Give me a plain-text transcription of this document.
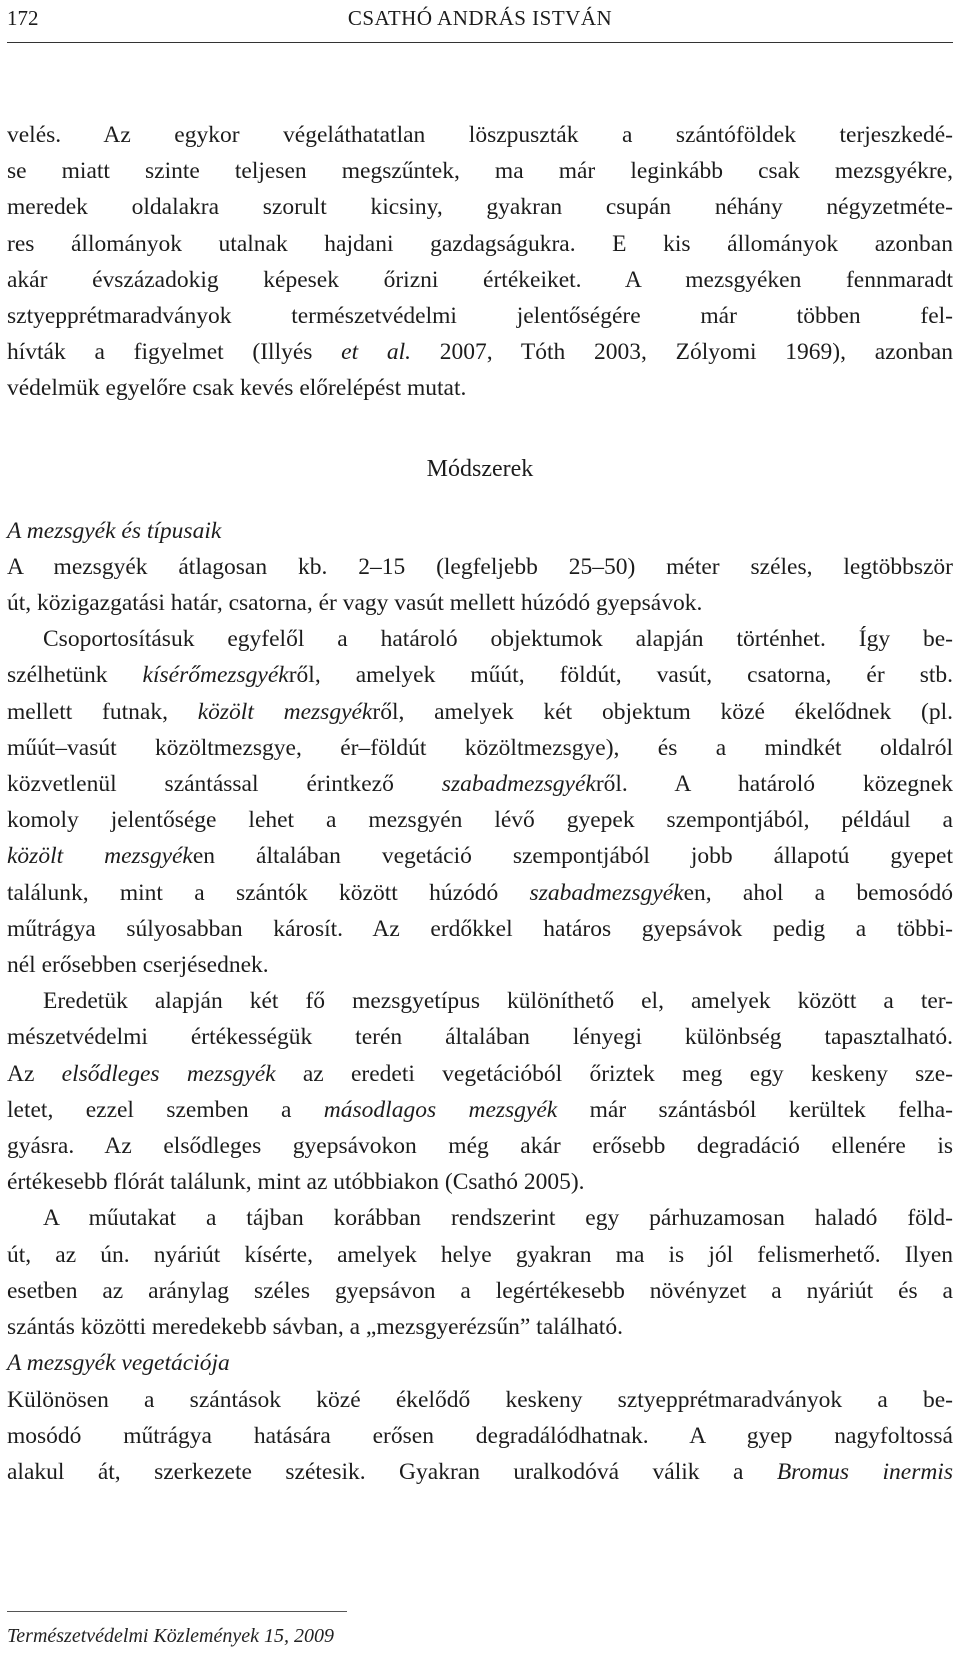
172	CSATHÓ ANDRÁS ISTVÁN
velés. Az egykor végeláthatatlan löszpuszták a szántóföldek terjeszkedé -
se miatt szinte teljesen megszűntek, ma már leginkább csak mezsgyékre,
meredek oldalakra szorult kicsiny, gyakran csupán néhány négyzetméte -
res állományok utalnak hajdani gazdagságukra. E kis állományok azonban
akár évszázadokig képesek őrizni értékeiket. A mezsgyéken fennmaradt
sztyepprétmaradványok természetvédelmi jelentőségére már többen fel -
hívták a figyelmet (Illyés et al. 2007, Tóth 2003, Zólyomi 1969), azonban
védelmük egyelőre csak kevés előrelépést mutat.
Módszerek
A mezsgyék és típusaik
A mezsgyék átlagosan kb. 2–15 (legfeljebb 25–50) méter széles, legtöbbször
út, közigazgatási határ, csatorna, ér vagy vasút mellett húzódó gyepsávok.
Csoportosításuk egyfelől a határoló objektumok alapján történhet. Így be -
szélhetünk kísérőmezsgyékről, amelyek műút, földút, vasút, csatorna, ér stb.
mellett futnak, közölt mezsgyékről, amelyek két objektum közé ékelődnek (pl.
műút–vasút közöltmezsgye, ér–földút közöltmezsgye), és a mindkét oldalról
közvetlenül szántással érintkező szabadmezsgyékről. A határoló közegnek
komoly jelentősége lehet a mezsgyén lévő gyepek szempontjából, például a
közölt mezsgyéken általában vegetáció szempontjából jobb állapotú gyepet
találunk, mint a szántók között húzódó szabadmezsgyéken, ahol a bemosódó
műtrágya súlyosabban károsít. Az erdőkkel határos gyepsávok pedig a többi -
nél erősebben cserjésednek.
Eredetük alapján két fő mezsgyetípus különíthető el, amelyek között a ter -
mészetvédelmi értékességük terén általában lényegi különbség tapasztalható.
Az elsődleges mezsgyék az eredeti vegetációból őriztek meg egy keskeny sze -
letet, ezzel szemben a másodlagos mezsgyék már szántásból kerültek felha -
gyásra. Az elsődleges gyepsávokon még akár erősebb degradáció ellenére is
értékesebb flórát találunk, mint az utóbbiakon (Csathó 2005).
A műutakat a tájban korábban rendszerint egy párhuzamosan haladó föld -
út, az ún. nyáriút kísérte, amelyek helye gyakran ma is jól felismerhető. Ilyen
esetben az aránylag széles gyepsávon a legértékesebb növényzet a nyáriút és a
szántás közötti meredekebb sávban, a „mezsgyerézsűn” található.
A mezsgyék vegetációja
Különösen a szántások közé ékelődő keskeny sztyepprétmaradványok a be -
mosódó műtrágya hatására erősen degradálódhatnak. A gyep nagyfoltossá
alakul át, szerkezete szétesik. Gyakran uralkodóvá válik a Bromus inermis
Természetvédelmi Közlemények 15, 2009
